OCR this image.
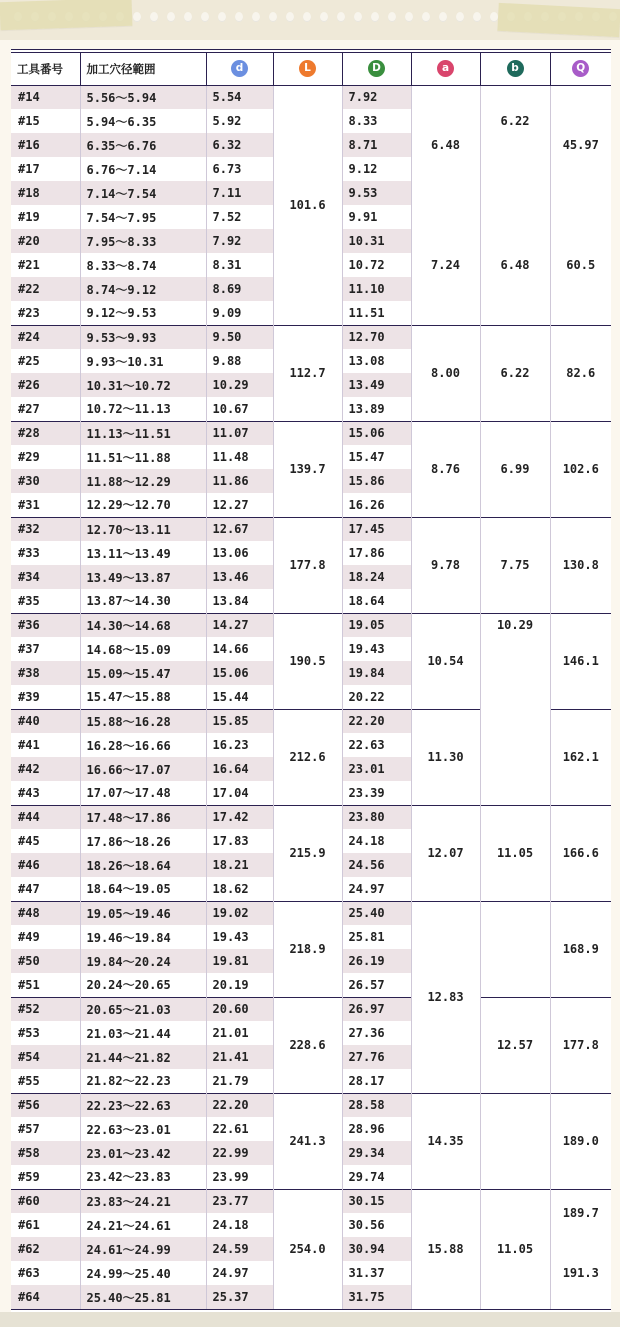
工具番号	加工穴径範囲	d	L	D	a	b	Q
#14	5.56〜5.94	5.54	101.6	7.92	6.48	6.22	45.97
#15	5.94〜6.35	5.92		8.33			
#16	6.35〜6.76	6.32		8.71			
#17	6.76〜7.14	6.73		9.12			
#18	7.14〜7.54	7.11		9.53			
#19	7.54〜7.95	7.52		9.91	7.24	6.48	60.5
#20	7.95〜8.33	7.92		10.31			
#21	8.33〜8.74	8.31		10.72			
#22	8.74〜9.12	8.69		11.10			
#23	9.12〜9.53	9.09		11.51			
#24	9.53〜9.93	9.50	112.7	12.70	8.00	6.22	82.6
#25	9.93〜10.31	9.88		13.08			
#26	10.31〜10.72	10.29		13.49			
#27	10.72〜11.13	10.67		13.89			
#28	11.13〜11.51	11.07	139.7	15.06	8.76	6.99	102.6
#29	11.51〜11.88	11.48		15.47			
#30	11.88〜12.29	11.86		15.86			
#31	12.29〜12.70	12.27		16.26			
#32	12.70〜13.11	12.67	177.8	17.45	9.78	7.75	130.8
#33	13.11〜13.49	13.06		17.86			
#34	13.49〜13.87	13.46		18.24			
#35	13.87〜14.30	13.84		18.64			
#36	14.30〜14.68	14.27	190.5	19.05	10.54	10.29	146.1
#37	14.68〜15.09	14.66		19.43			
#38	15.09〜15.47	15.06		19.84			
#39	15.47〜15.88	15.44		20.22			
#40	15.88〜16.28	15.85	212.6	22.20	11.30		162.1
#41	16.28〜16.66	16.23		22.63			
#42	16.66〜17.07	16.64		23.01			
#43	17.07〜17.48	17.04		23.39			
#44	17.48〜17.86	17.42	215.9	23.80	12.07	11.05	166.6
#45	17.86〜18.26	17.83		24.18			
#46	18.26〜18.64	18.21		24.56			
#47	18.64〜19.05	18.62		24.97			
#48	19.05〜19.46	19.02	218.9	25.40	12.83		168.9
#49	19.46〜19.84	19.43		25.81			
#50	19.84〜20.24	19.81		26.19			
#51	20.24〜20.65	20.19		26.57			
#52	20.65〜21.03	20.60	228.6	26.97		12.57	177.8
#53	21.03〜21.44	21.01		27.36			
#54	21.44〜21.82	21.41		27.76			
#55	21.82〜22.23	21.79		28.17			
#56	22.23〜22.63	22.20	241.3	28.58	14.35		189.0
#57	22.63〜23.01	22.61		28.96			
#58	23.01〜23.42	22.99		29.34			
#59	23.42〜23.83	23.99		29.74			
#60	23.83〜24.21	23.77	254.0	30.15	15.88	11.05	189.7
#61	24.21〜24.61	24.18		30.56			
#62	24.61〜24.99	24.59		30.94			191.3
#63	24.99〜25.40	24.97		31.37			
#64	25.40〜25.81	25.37		31.75			
